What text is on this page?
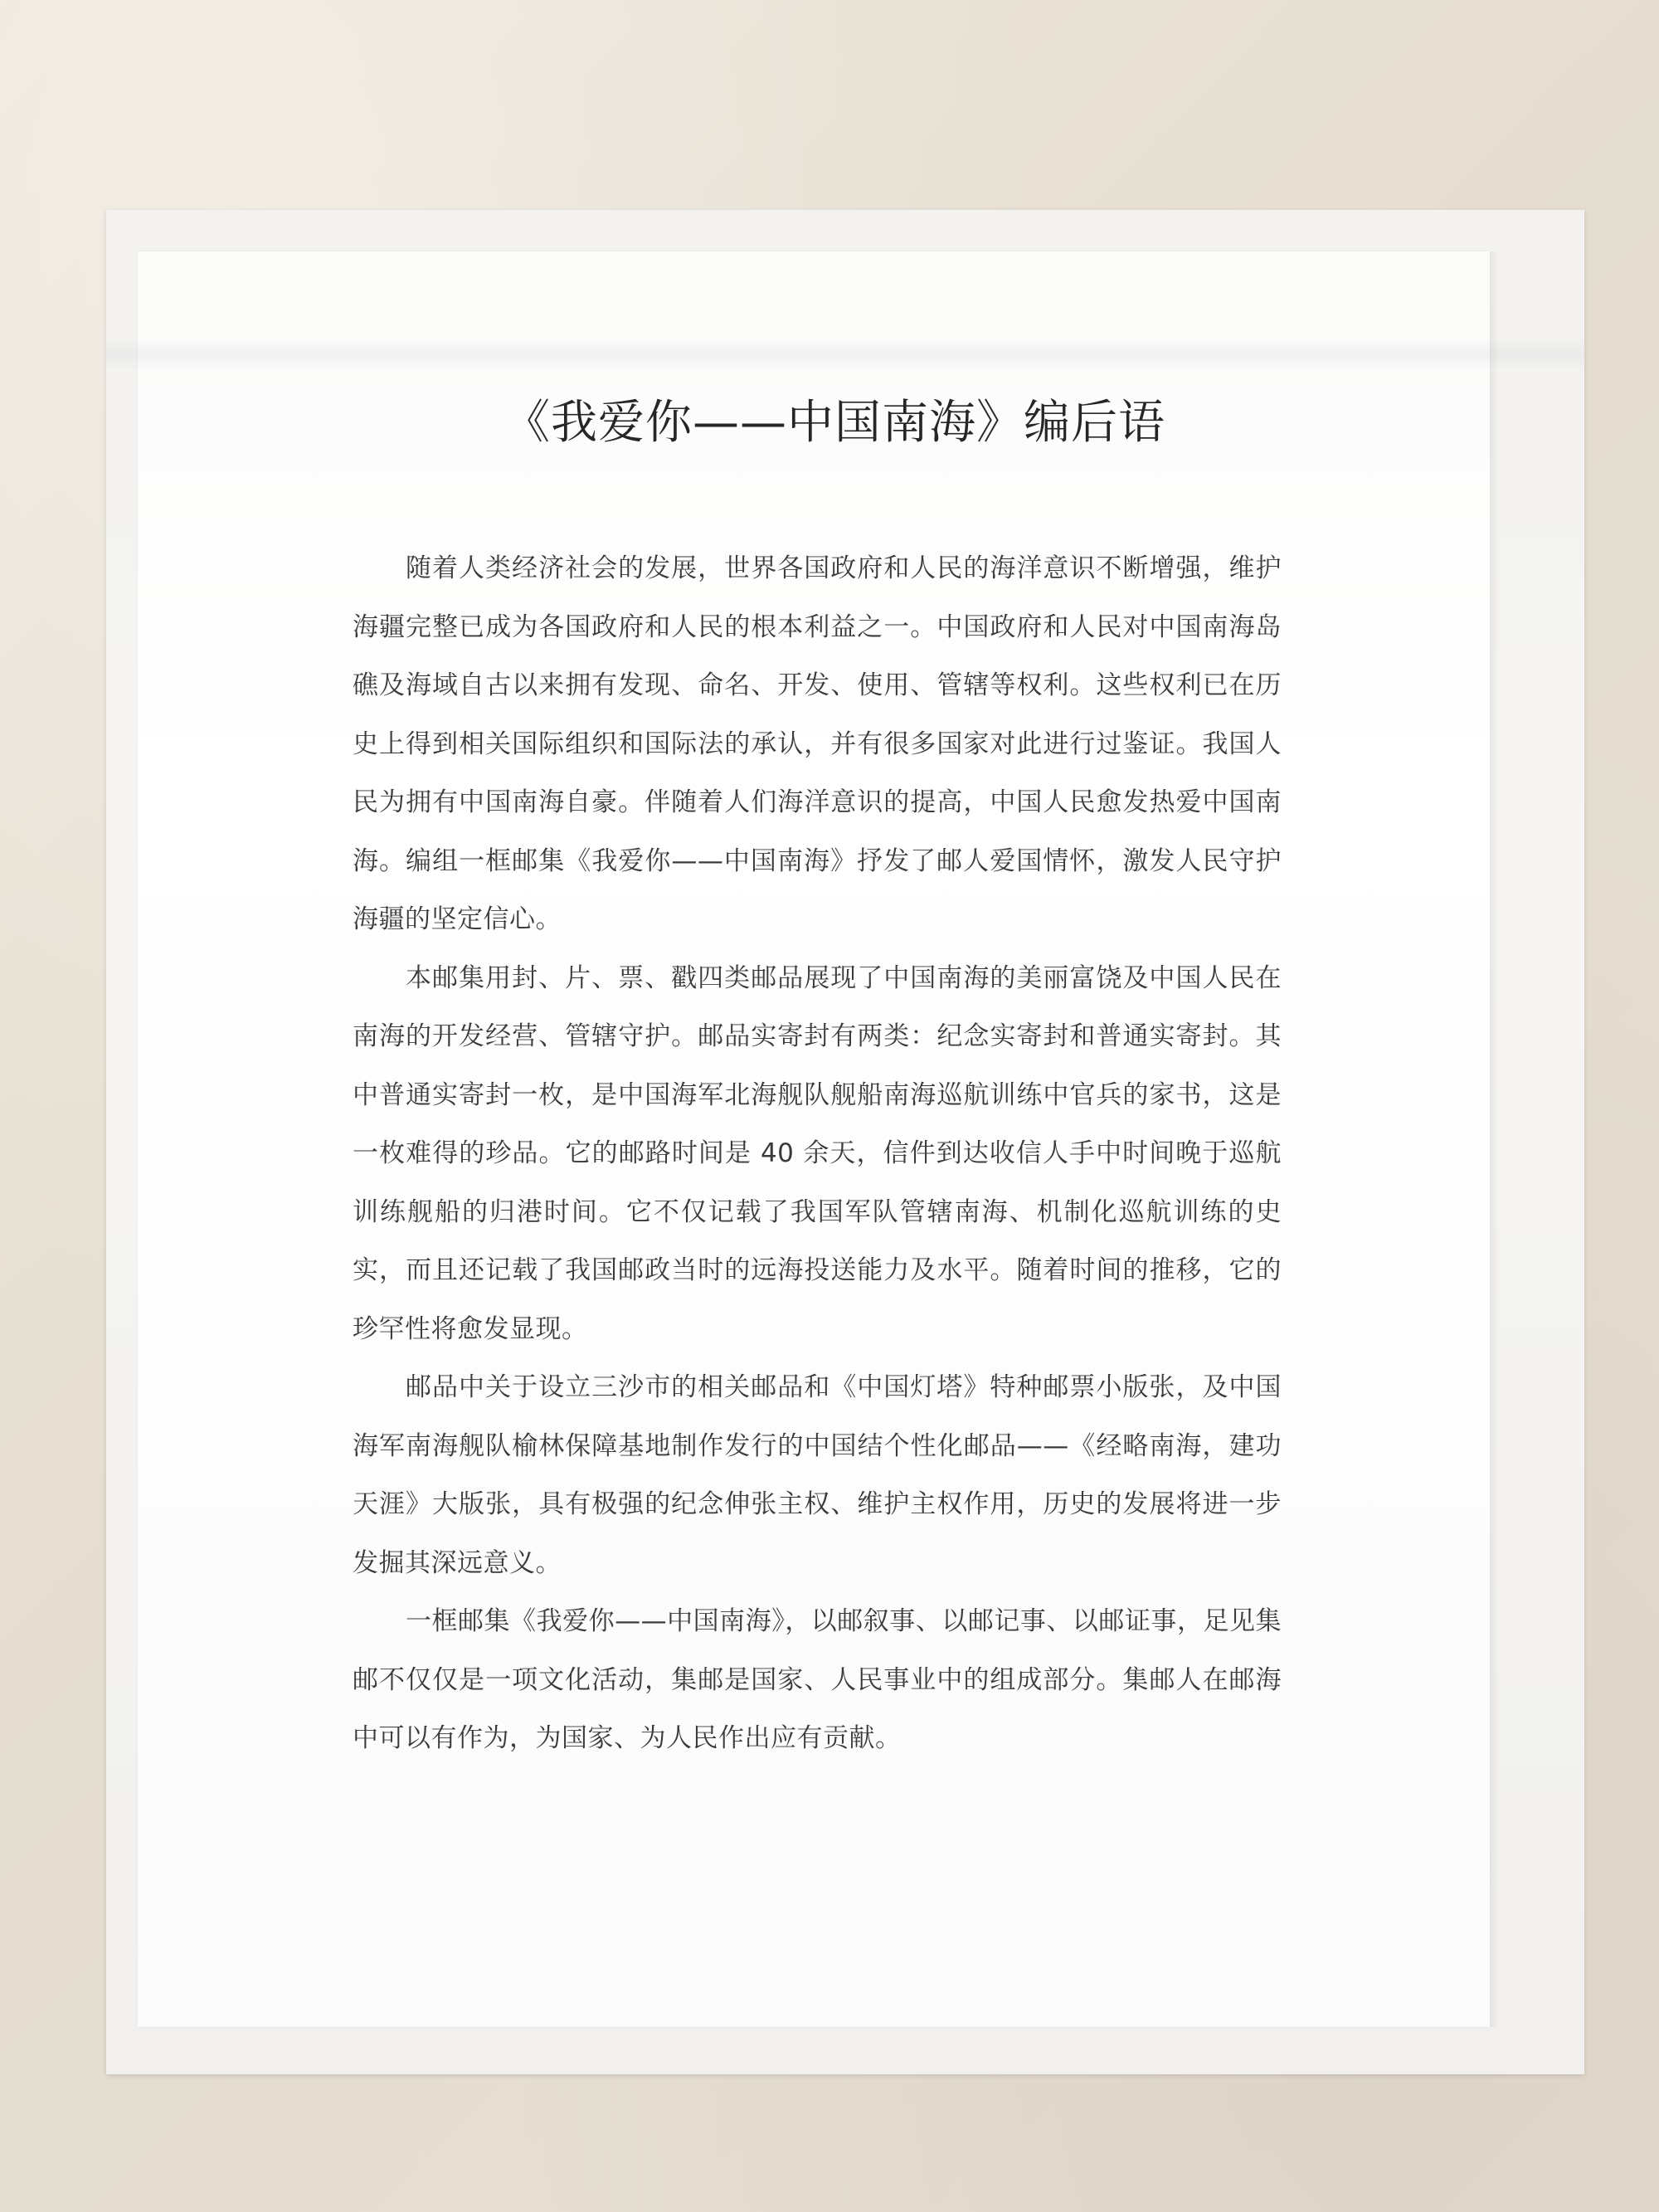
《我爱你——中国南海》编后语

随着人类经济社会的发展，世界各国政府和人民的海洋意识不断增强，维护海疆完整已成为各国政府和人民的根本利益之一。中国政府和人民对中国南海岛礁及海域自古以来拥有发现、命名、开发、使用、管辖等权利。这些权利已在历史上得到相关国际组织和国际法的承认，并有很多国家对此进行过鉴证。我国人民为拥有中国南海自豪。伴随着人们海洋意识的提高，中国人民愈发热爱中国南海。编组一框邮集《我爱你——中国南海》抒发了邮人爱国情怀，激发人民守护海疆的坚定信心。

本邮集用封、片、票、戳四类邮品展现了中国南海的美丽富饶及中国人民在南海的开发经营、管辖守护。邮品实寄封有两类：纪念实寄封和普通实寄封。其中普通实寄封一枚，是中国海军北海舰队舰船南海巡航训练中官兵的家书，这是一枚难得的珍品。它的邮路时间是 40 余天，信件到达收信人手中时间晚于巡航训练舰船的归港时间。它不仅记载了我国军队管辖南海、机制化巡航训练的史实，而且还记载了我国邮政当时的远海投送能力及水平。随着时间的推移，它的珍罕性将愈发显现。

邮品中关于设立三沙市的相关邮品和《中国灯塔》特种邮票小版张，及中国海军南海舰队榆林保障基地制作发行的中国结个性化邮品——《经略南海，建功天涯》大版张，具有极强的纪念伸张主权、维护主权作用，历史的发展将进一步发掘其深远意义。

一框邮集《我爱你——中国南海》，以邮叙事、以邮记事、以邮证事，足见集邮不仅仅是一项文化活动，集邮是国家、人民事业中的组成部分。集邮人在邮海中可以有作为，为国家、为人民作出应有贡献。
